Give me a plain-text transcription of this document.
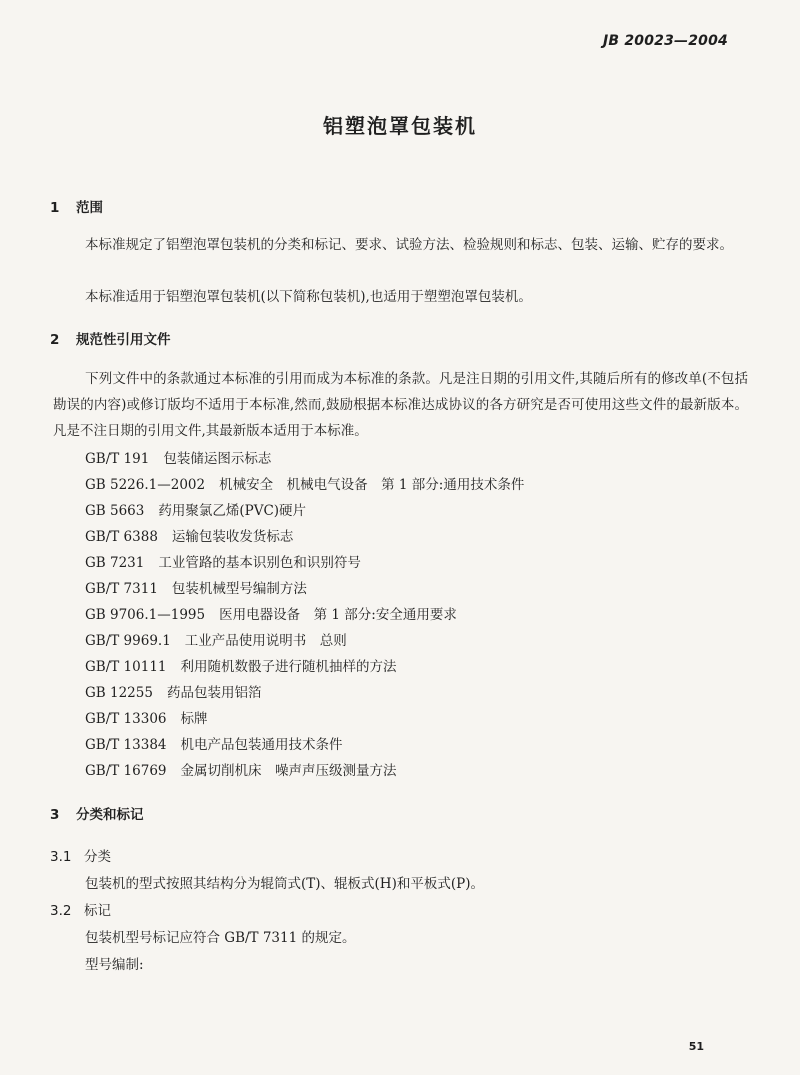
JB 20023—2004
铝塑泡罩包装机
1 范围
本标准规定了铝塑泡罩包装机的分类和标记、要求、试验方法、检验规则和标志、包装、运输、贮存的要求。
本标准适用于铝塑泡罩包装机(以下简称包装机),也适用于塑塑泡罩包装机。
2 规范性引用文件
下列文件中的条款通过本标准的引用而成为本标准的条款。凡是注日期的引用文件,其随后所有的修改单(不包括勘误的内容)或修订版均不适用于本标准,然而,鼓励根据本标准达成协议的各方研究是否可使用这些文件的最新版本。凡是不注日期的引用文件,其最新版本适用于本标准。
GB/T 191 包装储运图示标志
GB 5226.1—2002 机械安全　机械电气设备　第 1 部分:通用技术条件
GB 5663 药用聚氯乙烯(PVC)硬片
GB/T 6388 运输包装收发货标志
GB 7231 工业管路的基本识别色和识别符号
GB/T 7311 包装机械型号编制方法
GB 9706.1—1995 医用电器设备　第 1 部分:安全通用要求
GB/T 9969.1 工业产品使用说明书　总则
GB/T 10111 利用随机数骰子进行随机抽样的方法
GB 12255 药品包装用铝箔
GB/T 13306 标牌
GB/T 13384 机电产品包装通用技术条件
GB/T 16769 金属切削机床　噪声声压级测量方法
3 分类和标记
3.1 分类
包装机的型式按照其结构分为辊筒式(T)、辊板式(H)和平板式(P)。
3.2 标记
包装机型号标记应符合 GB/T 7311 的规定。
型号编制:
51
